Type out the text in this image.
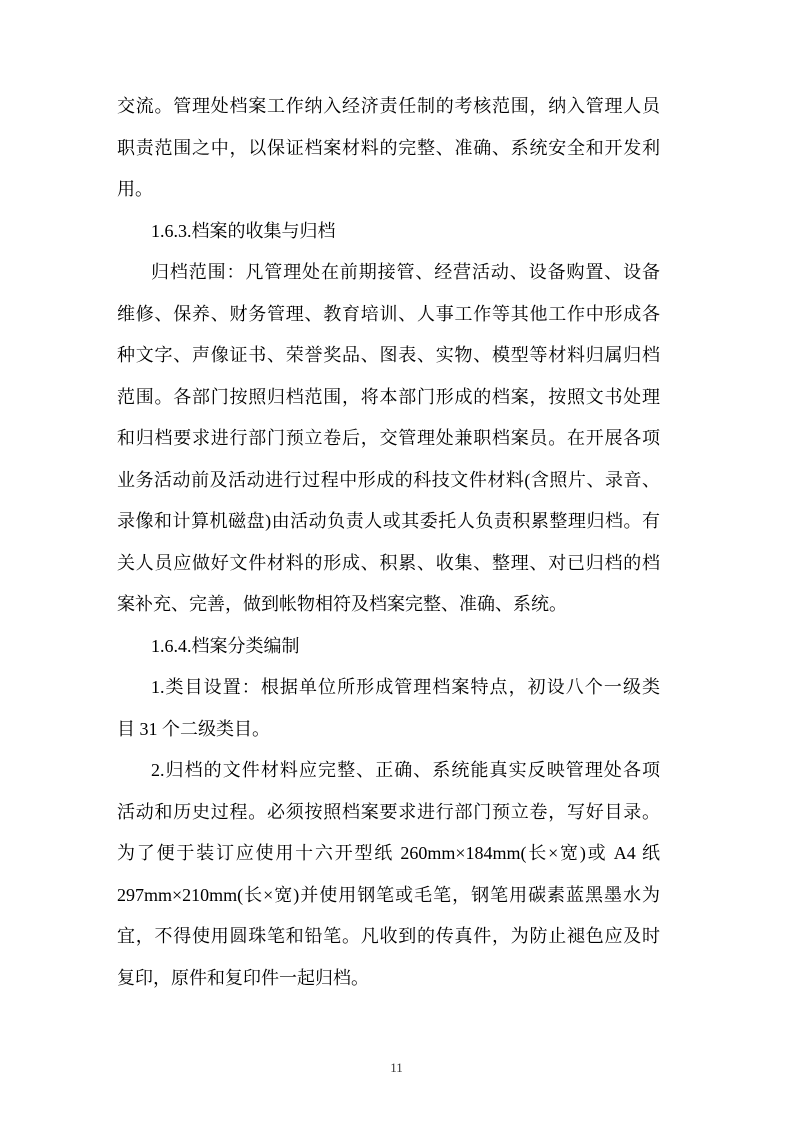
交流。管理处档案工作纳入经济责任制的考核范围，纳入管理人员
职责范围之中，以保证档案材料的完整、准确、系统安全和开发利
用。
1.6.3.档案的收集与归档
归档范围：凡管理处在前期接管、经营活动、设备购置、设备
维修、保养、财务管理、教育培训、人事工作等其他工作中形成各
种文字、声像证书、荣誉奖品、图表、实物、模型等材料归属归档
范围。各部门按照归档范围，将本部门形成的档案，按照文书处理
和归档要求进行部门预立卷后，交管理处兼职档案员。在开展各项
业务活动前及活动进行过程中形成的科技文件材料(含照片、录音、
录像和计算机磁盘)由活动负责人或其委托人负责积累整理归档。有
关人员应做好文件材料的形成、积累、收集、整理、对已归档的档
案补充、完善，做到帐物相符及档案完整、准确、系统。
1.6.4.档案分类编制
1.类目设置：根据单位所形成管理档案特点，初设八个一级类
目 31 个二级类目。
2.归档的文件材料应完整、正确、系统能真实反映管理处各项
活动和历史过程。必须按照档案要求进行部门预立卷，写好目录。
为了便于装订应使用十六开型纸 260mm×184mm(长×宽)或 A4 纸
297mm×210mm(长×宽)并使用钢笔或毛笔，钢笔用碳素蓝黑墨水为
宜，不得使用圆珠笔和铅笔。凡收到的传真件，为防止褪色应及时
复印，原件和复印件一起归档。
11
